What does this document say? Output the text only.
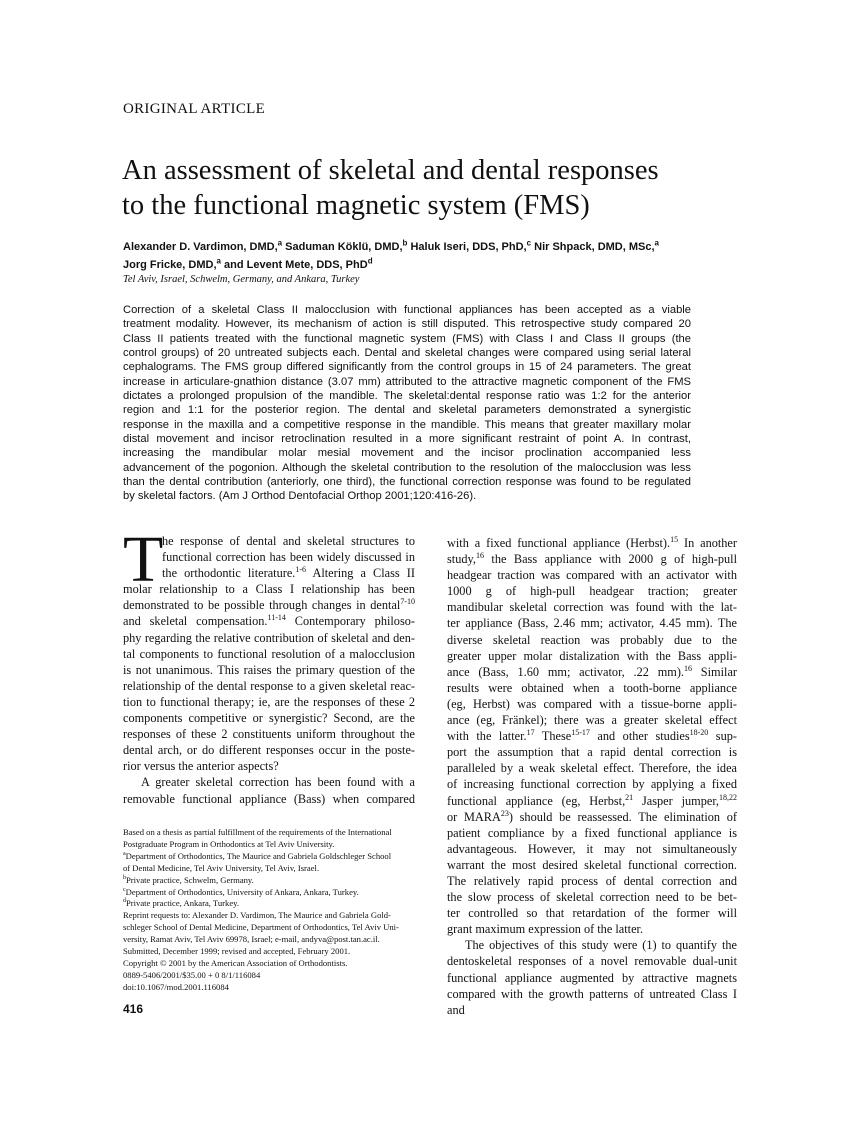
ORIGINAL ARTICLE
An assessment of skeletal and dental responses
to the functional magnetic system (FMS)
Alexander D. Vardimon, DMD,$^a$ Saduman Köklü, DMD,$^b$ Haluk Iseri, DDS, PhD,$^c$ Nir Shpack, DMD, MSc,$^a$
Jorg Fricke, DMD,$^a$ and Levent Mete, DDS, PhD$^d$
Tel Aviv, Israel, Schwelm, Germany, and Ankara, Turkey
Correction of a skeletal Class II malocclusion with functional appliances has been accepted as a viable
treatment modality. However, its mechanism of action is still disputed. This retrospective study compared 20
Class II patients treated with the functional magnetic system (FMS) with Class I and Class II groups (the
control groups) of 20 untreated subjects each. Dental and skeletal changes were compared using serial lateral
cephalograms. The FMS group differed significantly from the control groups in 15 of 24 parameters. The great
increase in articulare-gnathion distance (3.07 mm) attributed to the attractive magnetic component of the FMS
dictates a prolonged propulsion of the mandible. The skeletal:dental response ratio was 1:2 for the anterior
region and 1:1 for the posterior region. The dental and skeletal parameters demonstrated a synergistic
response in the maxilla and a competitive response in the mandible. This means that greater maxillary molar
distal movement and incisor retroclination resulted in a more significant restraint of point A. In contrast,
increasing the mandibular molar mesial movement and the incisor proclination accompanied less
advancement of the pogonion. Although the skeletal contribution to the resolution of the malocclusion was less
than the dental contribution (anteriorly, one third), the functional correction response was found to be regulated
by skeletal factors. (Am J Orthod Dentofacial Orthop 2001;120:416-26).
T
he response of dental and skeletal structures to
functional correction has been widely discussed in
the orthodontic literature.$^{1-6}$ Altering a Class II
molar relationship to a Class I relationship has been
demonstrated to be possible through changes in dental$^{7-10}$
and skeletal compensation.$^{11-14}$ Contemporary philoso-
phy regarding the relative contribution of skeletal and den-
tal components to functional resolution of a malocclusion
is not unanimous. This raises the primary question of the
relationship of the dental response to a given skeletal reac-
tion to functional therapy; ie, are the responses of these 2
components competitive or synergistic? Second, are the
responses of these 2 constituents uniform throughout the
dental arch, or do different responses occur in the poste-
rior versus the anterior aspects?
A greater skeletal correction has been found with a
removable functional appliance (Bass) when compared
Based on a thesis as partial fulfillment of the requirements of the International
Postgraduate Program in Orthodontics at Tel Aviv University.
$^a$Department of Orthodontics, The Maurice and Gabriela Goldschleger School
of Dental Medicine, Tel Aviv University, Tel Aviv, Israel.
$^b$Private practice, Schwelm, Germany.
$^c$Department of Orthodontics, University of Ankara, Ankara, Turkey.
$^d$Private practice, Ankara, Turkey.
Reprint requests to: Alexander D. Vardimon, The Maurice and Gabriela Gold-
schleger School of Dental Medicine, Department of Orthodontics, Tel Aviv Uni-
versity, Ramat Aviv, Tel Aviv 69978, Israel; e-mail, andyva@post.tan.ac.il.
Submitted, December 1999; revised and accepted, February 2001.
Copyright © 2001 by the American Association of Orthodontists.
0889-5406/2001/$35.00 + 0 8/1/116084
doi:10.1067/mod.2001.116084
416
with a fixed functional appliance (Herbst).$^{15}$ In another
study,$^{16}$ the Bass appliance with 2000 g of high-pull
headgear traction was compared with an activator with
1000 g of high-pull headgear traction; greater
mandibular skeletal correction was found with the lat-
ter appliance (Bass, 2.46 mm; activator, 4.45 mm). The
diverse skeletal reaction was probably due to the
greater upper molar distalization with the Bass appli-
ance (Bass, 1.60 mm; activator, .22 mm).$^{16}$ Similar
results were obtained when a tooth-borne appliance
(eg, Herbst) was compared with a tissue-borne appli-
ance (eg, Fränkel); there was a greater skeletal effect
with the latter.$^{17}$ These$^{15-17}$ and other studies$^{18-20}$ sup-
port the assumption that a rapid dental correction is
paralleled by a weak skeletal effect. Therefore, the idea
of increasing functional correction by applying a fixed
functional appliance (eg, Herbst,$^{21}$ Jasper jumper,$^{18,22}$
or MARA$^{23}$) should be reassessed. The elimination of
patient compliance by a fixed functional appliance is
advantageous. However, it may not simultaneously
warrant the most desired skeletal functional correction.
The relatively rapid process of dental correction and
the slow process of skeletal correction need to be bet-
ter controlled so that retardation of the former will
grant maximum expression of the latter.
The objectives of this study were (1) to quantify the
dentoskeletal responses of a novel removable dual-unit
functional appliance augmented by attractive magnets
compared with the growth patterns of untreated Class I and
